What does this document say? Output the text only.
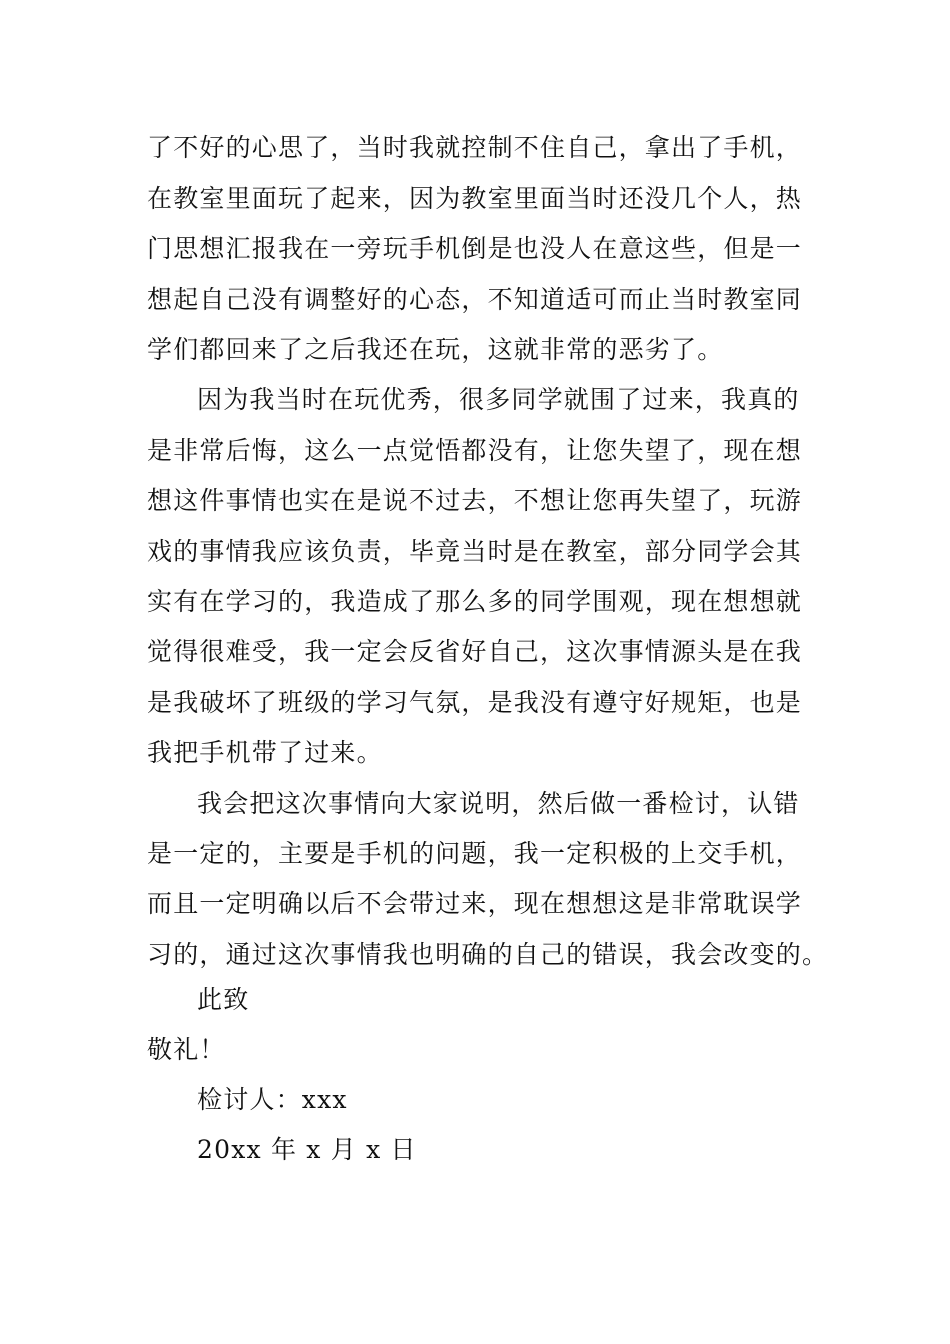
了不好的心思了，当时我就控制不住自己，拿出了手机，
在教室里面玩了起来，因为教室里面当时还没几个人，热
门思想汇报我在一旁玩手机倒是也没人在意这些，但是一
想起自己没有调整好的心态，不知道适可而止当时教室同
学们都回来了之后我还在玩，这就非常的恶劣了。
因为我当时在玩优秀，很多同学就围了过来，我真的
是非常后悔，这么一点觉悟都没有，让您失望了，现在想
想这件事情也实在是说不过去，不想让您再失望了，玩游
戏的事情我应该负责，毕竟当时是在教室，部分同学会其
实有在学习的，我造成了那么多的同学围观，现在想想就
觉得很难受，我一定会反省好自己，这次事情源头是在我
是我破坏了班级的学习气氛，是我没有遵守好规矩，也是
我把手机带了过来。
我会把这次事情向大家说明，然后做一番检讨，认错
是一定的，主要是手机的问题，我一定积极的上交手机，
而且一定明确以后不会带过来，现在想想这是非常耽误学
习的，通过这次事情我也明确的自己的错误，我会改变的。
此致
敬礼！
检讨人：xxx
20xx 年 x 月 x 日
